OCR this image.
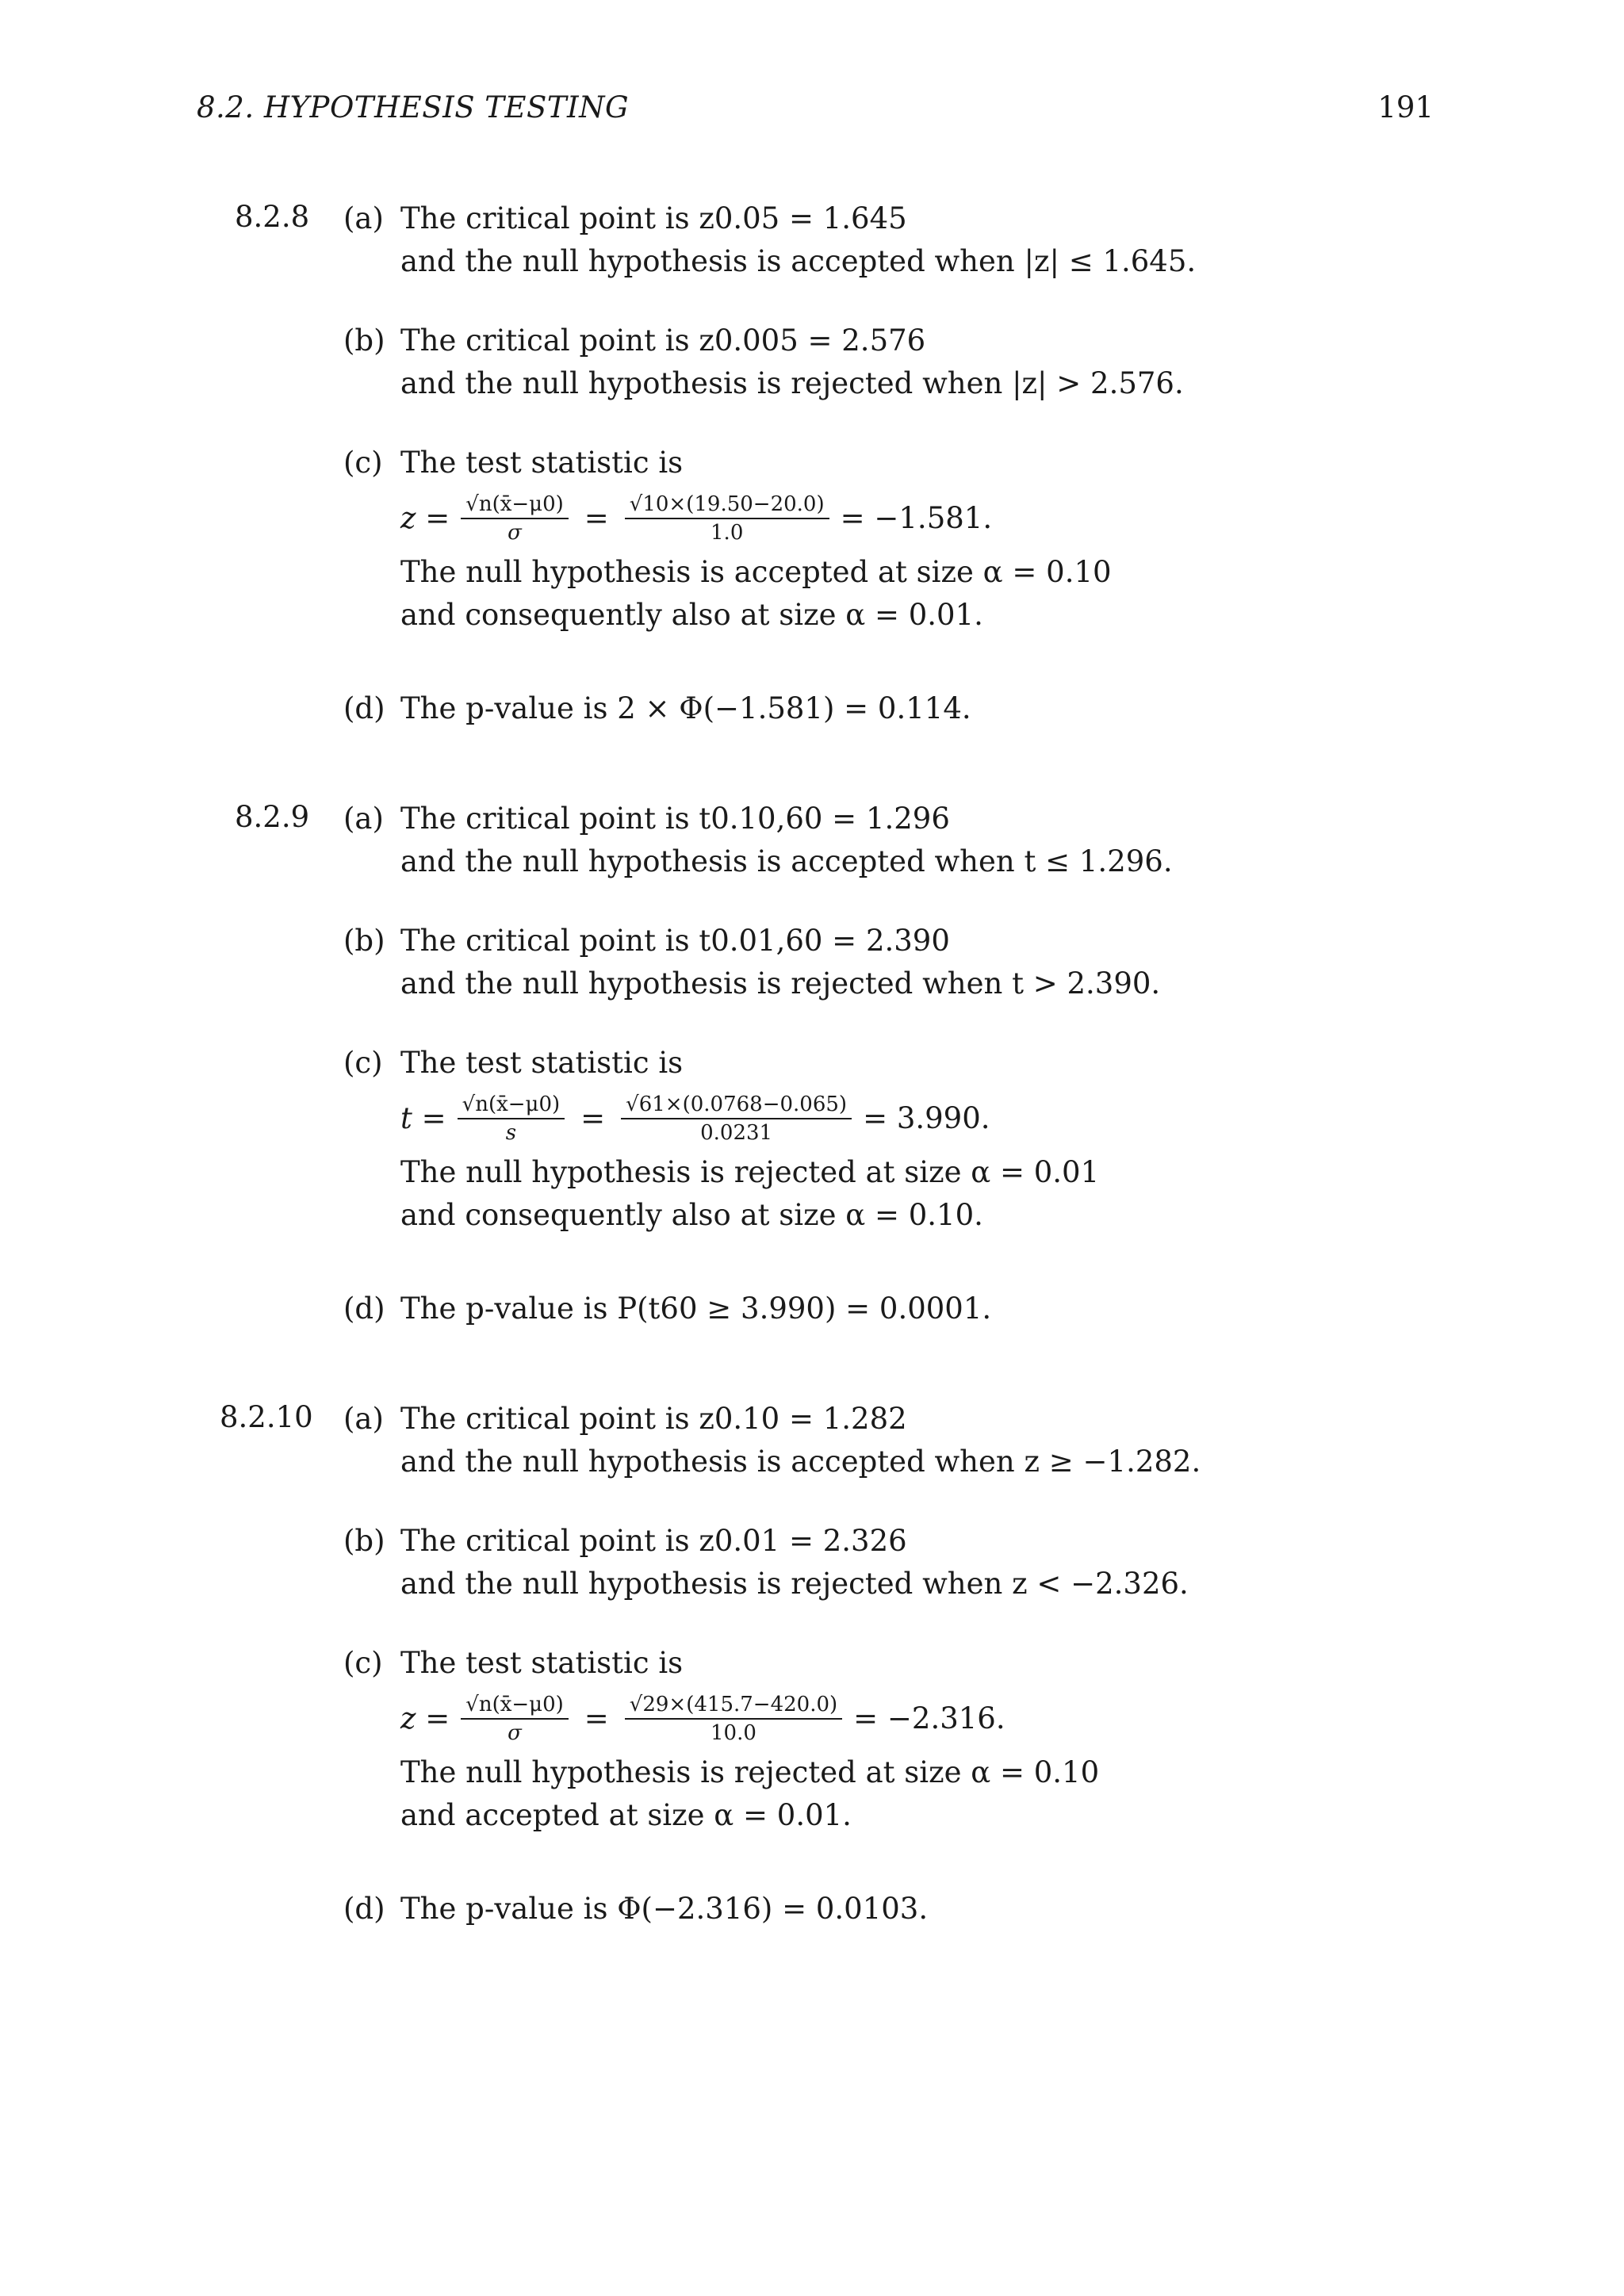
8.2. HYPOTHESIS TESTING	191
8.2.8 (a) The critical point is z0.05 = 1.645
and the null hypothesis is accepted when |z| ≤ 1.645.
(b) The critical point is z0.005 = 2.576
and the null hypothesis is rejected when |z| > 2.576.
(c) The test statistic is
$z = \frac{√n(x̄-\mu 0)}{\sigma} = \frac{√10\times(19.50-20.0)}{1.0} = -1.581$.
The null hypothesis is accepted at size α = 0.10
and consequently also at size α = 0.01.
(d) The p-value is 2 × Φ(−1.581) = 0.114.
8.2.9 (a) The critical point is t0.10,60 = 1.296
and the null hypothesis is accepted when t ≤ 1.296.
(b) The critical point is t0.01,60 = 2.390
and the null hypothesis is rejected when t > 2.390.
(c) The test statistic is
$t = \frac{√n(x̄-\mu 0)}{s} = \frac{√61\times(0.0768-0.065)}{0.0231} = 3.990$.
The null hypothesis is rejected at size α = 0.01
and consequently also at size α = 0.10.
(d) The p-value is P(t60 ≥ 3.990) = 0.0001.
8.2.10 (a) The critical point is z0.10 = 1.282
and the null hypothesis is accepted when z ≥ −1.282.
(b) The critical point is z0.01 = 2.326
and the null hypothesis is rejected when z < −2.326.
(c) The test statistic is
$z = \frac{√n(x̄-\mu 0)}{\sigma} = \frac{√29\times(415.7-420.0)}{10.0} = -2.316$.
The null hypothesis is rejected at size α = 0.10
and accepted at size α = 0.01.
(d) The p-value is Φ(−2.316) = 0.0103.
